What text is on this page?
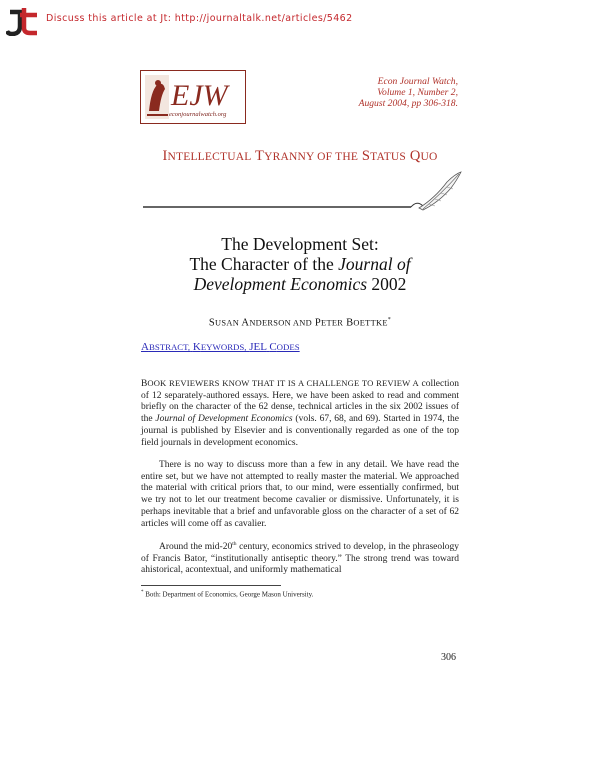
Discuss this article at Jt: http://journaltalk.net/articles/5462
EJW
econjournalwatch.org
Econ Journal Watch,
Volume 1, Number 2,
August 2004, pp 306-318.
INTELLECTUAL TYRANNY OF THE STATUS QUO
The Development Set:
The Character of the Journal of
Development Economics 2002
SUSAN ANDERSON AND PETER BOETTKE*
ABSTRACT, KEYWORDS, JEL CODES
BOOK REVIEWERS KNOW THAT IT IS A CHALLENGE TO REVIEW A collection of 12 separately-authored essays. Here, we have been asked to read and comment briefly on the character of the 62 dense, technical articles in the six 2002 issues of the Journal of Development Economics (vols. 67, 68, and 69). Started in 1974, the journal is published by Elsevier and is conventionally regarded as one of the top field journals in development economics.
There is no way to discuss more than a few in any detail. We have read the entire set, but we have not attempted to really master the material. We approached the material with critical priors that, to our mind, were essentially confirmed, but we try not to let our treatment become cavalier or dismissive. Unfortunately, it is perhaps inevitable that a brief and unfavorable gloss on the character of a set of 62 articles will come off as cavalier.
Around the mid-20th century, economics strived to develop, in the phraseology of Francis Bator, “institutionally antiseptic theory.” The strong trend was toward ahistorical, acontextual, and uniformly mathematical
* Both: Department of Economics, George Mason University.
306
